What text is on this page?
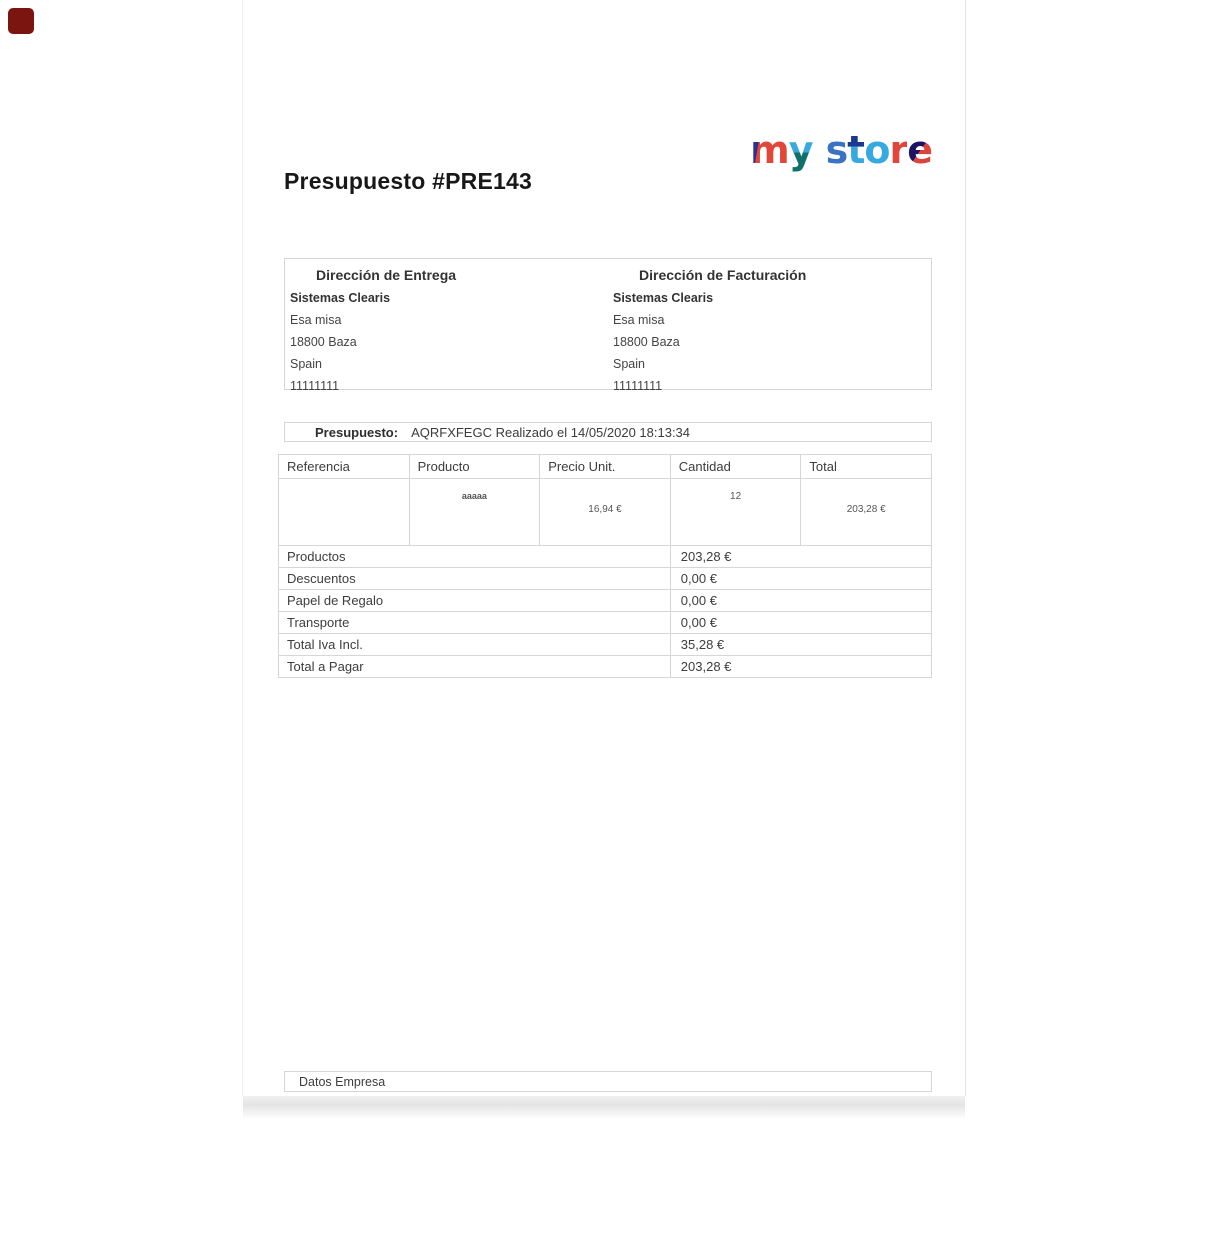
Presupuesto #PRE143
my store
Dirección de Entrega
Sistemas Clearis
Esa misa
18800 Baza
Spain
11111111
Dirección de Facturación
Sistemas Clearis
Esa misa
18800 Baza
Spain
11111111
Presupuesto: AQRFXFEGC Realizado el 14/05/2020 18:13:34
Referencia	Producto	Precio Unit.	Cantidad	Total
	aaaaa	16,94 €	12	203,28 €
Productos			203,28 €	
Descuentos			0,00 €	
Papel de Regalo			0,00 €	
Transporte			0,00 €	
Total Iva Incl.			35,28 €	
Total a Pagar			203,28 €	
Datos Empresa
